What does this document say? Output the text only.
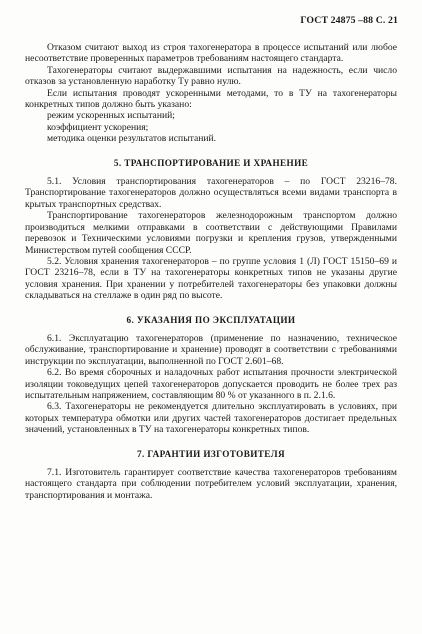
ГОСТ 24875 –88 С. 21

Отказом считают выход из строя тахогенератора в процессе испытаний или любое несоответствие проверенных параметров требованиям настоящего стандарта.

Тахогенераторы считают выдержавшими испытания на надежность, если число отказов за установленную наработку Tу равно нулю.

Если испытания проводят ускоренными методами, то в ТУ на тахогенераторы конкретных типов должно быть указано:

режим ускоренных испытаний;

коэффициент ускорения;

методика оценки результатов испытаний.

5. ТРАНСПОРТИРОВАНИЕ И ХРАНЕНИЕ

5.1. Условия транспортирования тахогенераторов – по ГОСТ 23216–78. Транспортирование тахогенераторов должно осуществляться всеми видами транспорта в крытых транспортных средствах.

Транспортирование тахогенераторов железнодорожным транспортом должно производиться мелкими отправками в соответствии с действующими Правилами перевозок и Техническими условиями погрузки и крепления грузов, утвержденными Министерством путей сообщения СССР.

5.2. Условия хранения тахогенераторов – по группе условия 1 (Л) ГОСТ 15150–69 и ГОСТ 23216–78, если в ТУ на тахогенераторы конкретных типов не указаны другие условия хранения. При хранении у потребителей тахогенераторы без упаковки должны складываться на стеллаже в один ряд по высоте.

6. УКАЗАНИЯ ПО ЭКСПЛУАТАЦИИ

6.1. Эксплуатацию тахогенераторов (применение по назначению, техническое обслуживание, транспортирование и хранение) проводят в соответствии с требованиями инструкции по эксплуатации, выполненной по ГОСТ 2.601–68.

6.2. Во время сборочных и наладочных работ испытания прочности электрической изоляции токоведущих цепей тахогенераторов допускается проводить не более трех раз испытательным напряжением, составляющим 80 % от указанного в п. 2.1.6.

6.3. Тахогенераторы не рекомендуется длительно эксплуатировать в условиях, при которых температура обмотки или других частей тахогенераторов достигает предельных значений, установленных в ТУ на тахогенераторы конкретных типов.

7. ГАРАНТИИ ИЗГОТОВИТЕЛЯ

7.1. Изготовитель гарантирует соответствие качества тахогенераторов требованиям настоящего стандарта при соблюдении потребителем условий эксплуатации, хранения, транспортирования и монтажа.
